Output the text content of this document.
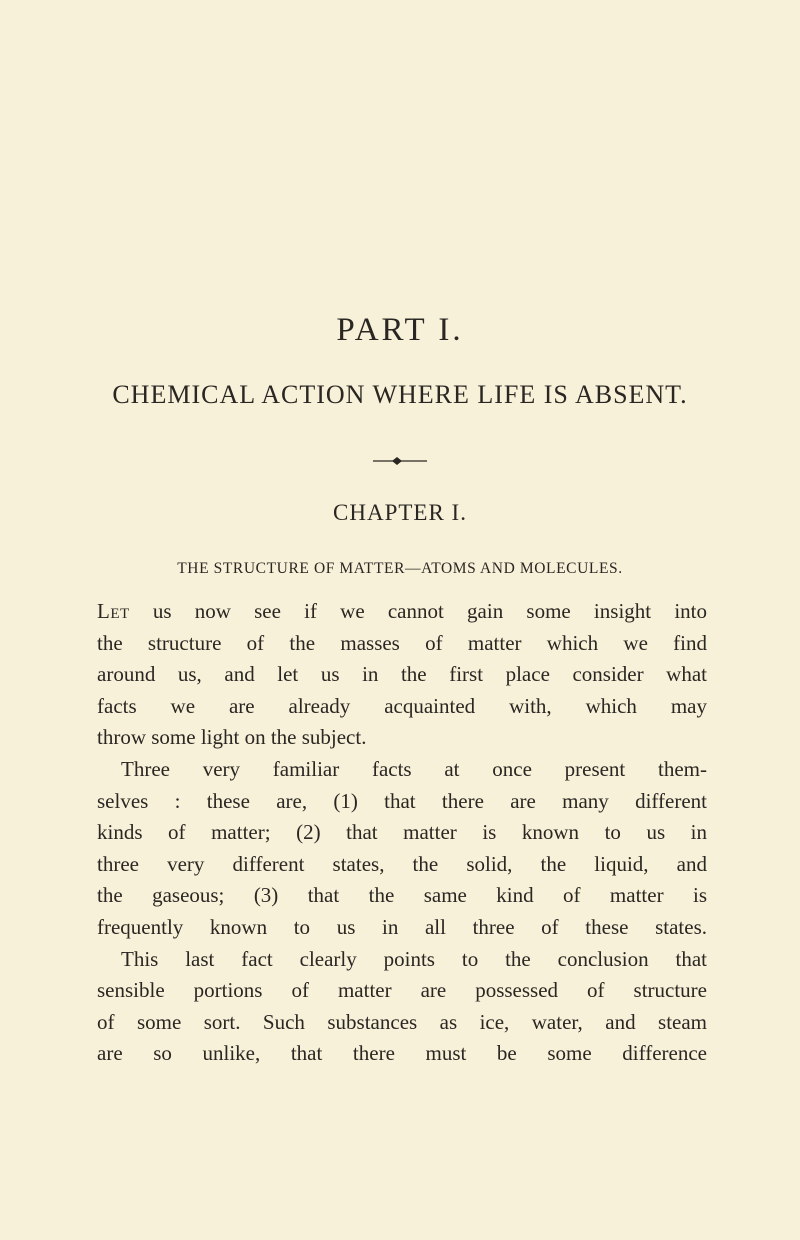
PART I.
CHEMICAL ACTION WHERE LIFE IS ABSENT.
CHAPTER I.
THE STRUCTURE OF MATTER—ATOMS AND MOLECULES.
Let us now see if we cannot gain some insight into
the structure of the masses of matter which we find
around us, and let us in the first place consider what
facts we are already acquainted with, which may
throw some light on the subject.
Three very familiar facts at once present them-
selves : these are, (1) that there are many different
kinds of matter; (2) that matter is known to us in
three very different states, the solid, the liquid, and
the gaseous; (3) that the same kind of matter is
frequently known to us in all three of these states.
This last fact clearly points to the conclusion that
sensible portions of matter are possessed of structure
of some sort. Such substances as ice, water, and steam
are so unlike, that there must be some difference
